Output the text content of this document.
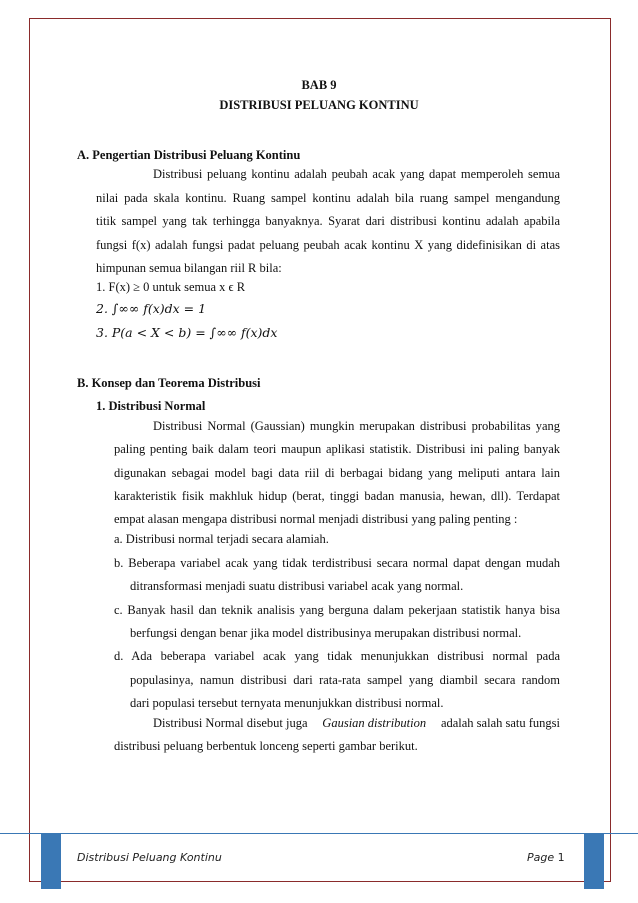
BAB 9
DISTRIBUSI PELUANG KONTINU
A. Pengertian Distribusi Peluang Kontinu
Distribusi peluang kontinu adalah peubah acak yang dapat memperoleh semua
nilai pada skala kontinu. Ruang sampel kontinu adalah bila ruang sampel mengandung
titik sampel yang tak terhingga banyaknya. Syarat dari distribusi kontinu adalah apabila
fungsi f(x) adalah fungsi padat peluang peubah acak kontinu X yang didefinisikan di atas
himpunan semua bilangan riil R bila:
1. F(x) ≥ 0 untuk semua x ϵ R
2. ∫∞∞ 𝑓(𝑥)𝑑𝑥 = 1
3. 𝑃(𝑎 < 𝑋 < 𝑏) = ∫∞∞ 𝑓(𝑥)𝑑𝑥
B. Konsep dan Teorema Distribusi
1. Distribusi Normal
Distribusi Normal (Gaussian) mungkin merupakan distribusi probabilitas yang
paling penting baik dalam teori maupun aplikasi statistik. Distribusi ini paling banyak
digunakan sebagai model bagi data riil di berbagai bidang yang meliputi antara lain
karakteristik fisik makhluk hidup (berat, tinggi badan manusia, hewan, dll). Terdapat
empat alasan mengapa distribusi normal menjadi distribusi yang paling penting :
a. Distribusi normal terjadi secara alamiah.
b. Beberapa variabel acak yang tidak terdistribusi secara normal dapat dengan mudah
ditransformasi menjadi suatu distribusi variabel acak yang normal.
c. Banyak hasil dan teknik analisis yang berguna dalam pekerjaan statistik hanya bisa
berfungsi dengan benar jika model distribusinya merupakan distribusi normal.
d. Ada beberapa variabel acak yang tidak menunjukkan distribusi normal pada
populasinya, namun distribusi dari rata-rata sampel yang diambil secara random
dari populasi tersebut ternyata menunjukkan distribusi normal.
Distribusi Normal disebut juga Gausian distribution adalah salah satu fungsi
distribusi peluang berbentuk lonceng seperti gambar berikut.
Distribusi Peluang Kontinu	Page 1
